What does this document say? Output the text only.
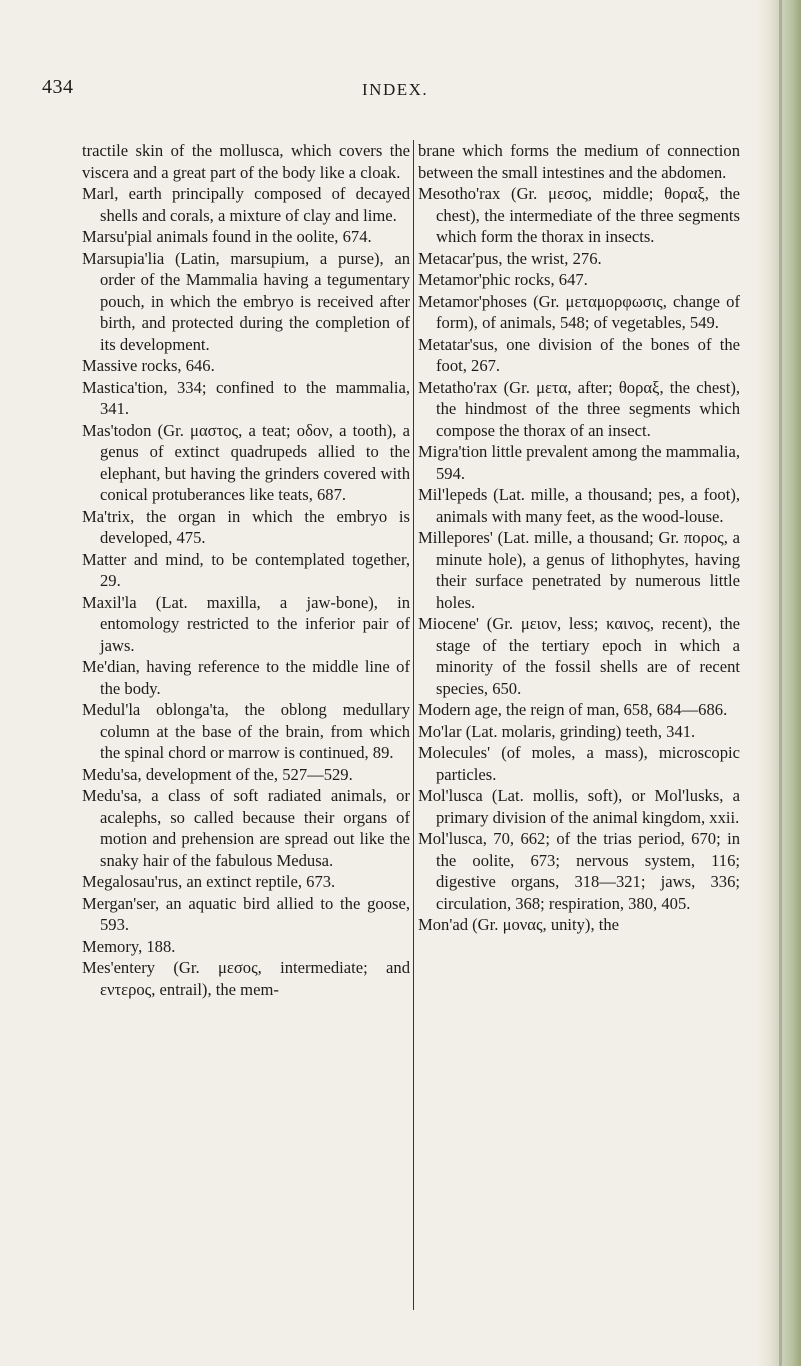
434	INDEX.

tractile skin of the mollusca, which covers the viscera and a great part of the body like a cloak.

Marl, earth principally composed of decayed shells and corals, a mixture of clay and lime.

Marsu'pial animals found in the oolite, 674.

Marsupia'lia (Latin, marsupium, a purse), an order of the Mammalia having a tegumentary pouch, in which the embryo is received after birth, and protected during the completion of its development.

Massive rocks, 646.

Mastica'tion, 334; confined to the mammalia, 341.

Mas'todon (Gr. μαστος, a teat; οδον, a tooth), a genus of extinct quadrupeds allied to the elephant, but having the grinders covered with conical protuberances like teats, 687.

Ma'trix, the organ in which the embryo is developed, 475.

Matter and mind, to be contemplated together, 29.

Maxil'la (Lat. maxilla, a jaw-bone), in entomology restricted to the inferior pair of jaws.

Me'dian, having reference to the middle line of the body.

Medul'la oblonga'ta, the oblong medullary column at the base of the brain, from which the spinal chord or marrow is continued, 89.

Medu'sa, development of the, 527—529.

Medu'sa, a class of soft radiated animals, or acalephs, so called because their organs of motion and prehension are spread out like the snaky hair of the fabulous Medusa.

Megalosau'rus, an extinct reptile, 673.

Mergan'ser, an aquatic bird allied to the goose, 593.

Memory, 188.

Mes'entery (Gr. μεσος, intermediate; and εντερος, entrail), the mem-

brane which forms the medium of connection between the small intestines and the abdomen.

Mesotho'rax (Gr. μεσος, middle; θοραξ, the chest), the intermediate of the three segments which form the thorax in insects.

Metacar'pus, the wrist, 276.

Metamor'phic rocks, 647.

Metamor'phoses (Gr. μεταμορφωσις, change of form), of animals, 548; of vegetables, 549.

Metatar'sus, one division of the bones of the foot, 267.

Metatho'rax (Gr. μετα, after; θοραξ, the chest), the hindmost of the three segments which compose the thorax of an insect.

Migra'tion little prevalent among the mammalia, 594.

Mil'lepeds (Lat. mille, a thousand; pes, a foot), animals with many feet, as the wood-louse.

Millepores' (Lat. mille, a thousand; Gr. πορος, a minute hole), a genus of lithophytes, having their surface penetrated by numerous little holes.

Miocene' (Gr. μειον, less; καινος, recent), the stage of the tertiary epoch in which a minority of the fossil shells are of recent species, 650.

Modern age, the reign of man, 658, 684—686.

Mo'lar (Lat. molaris, grinding) teeth, 341.

Molecules' (of moles, a mass), microscopic particles.

Mol'lusca (Lat. mollis, soft), or Mol'lusks, a primary division of the animal kingdom, xxii.

Mol'lusca, 70, 662; of the trias period, 670; in the oolite, 673; nervous system, 116; digestive organs, 318—321; jaws, 336; circulation, 368; respiration, 380, 405.

Mon'ad (Gr. μονας, unity), the
